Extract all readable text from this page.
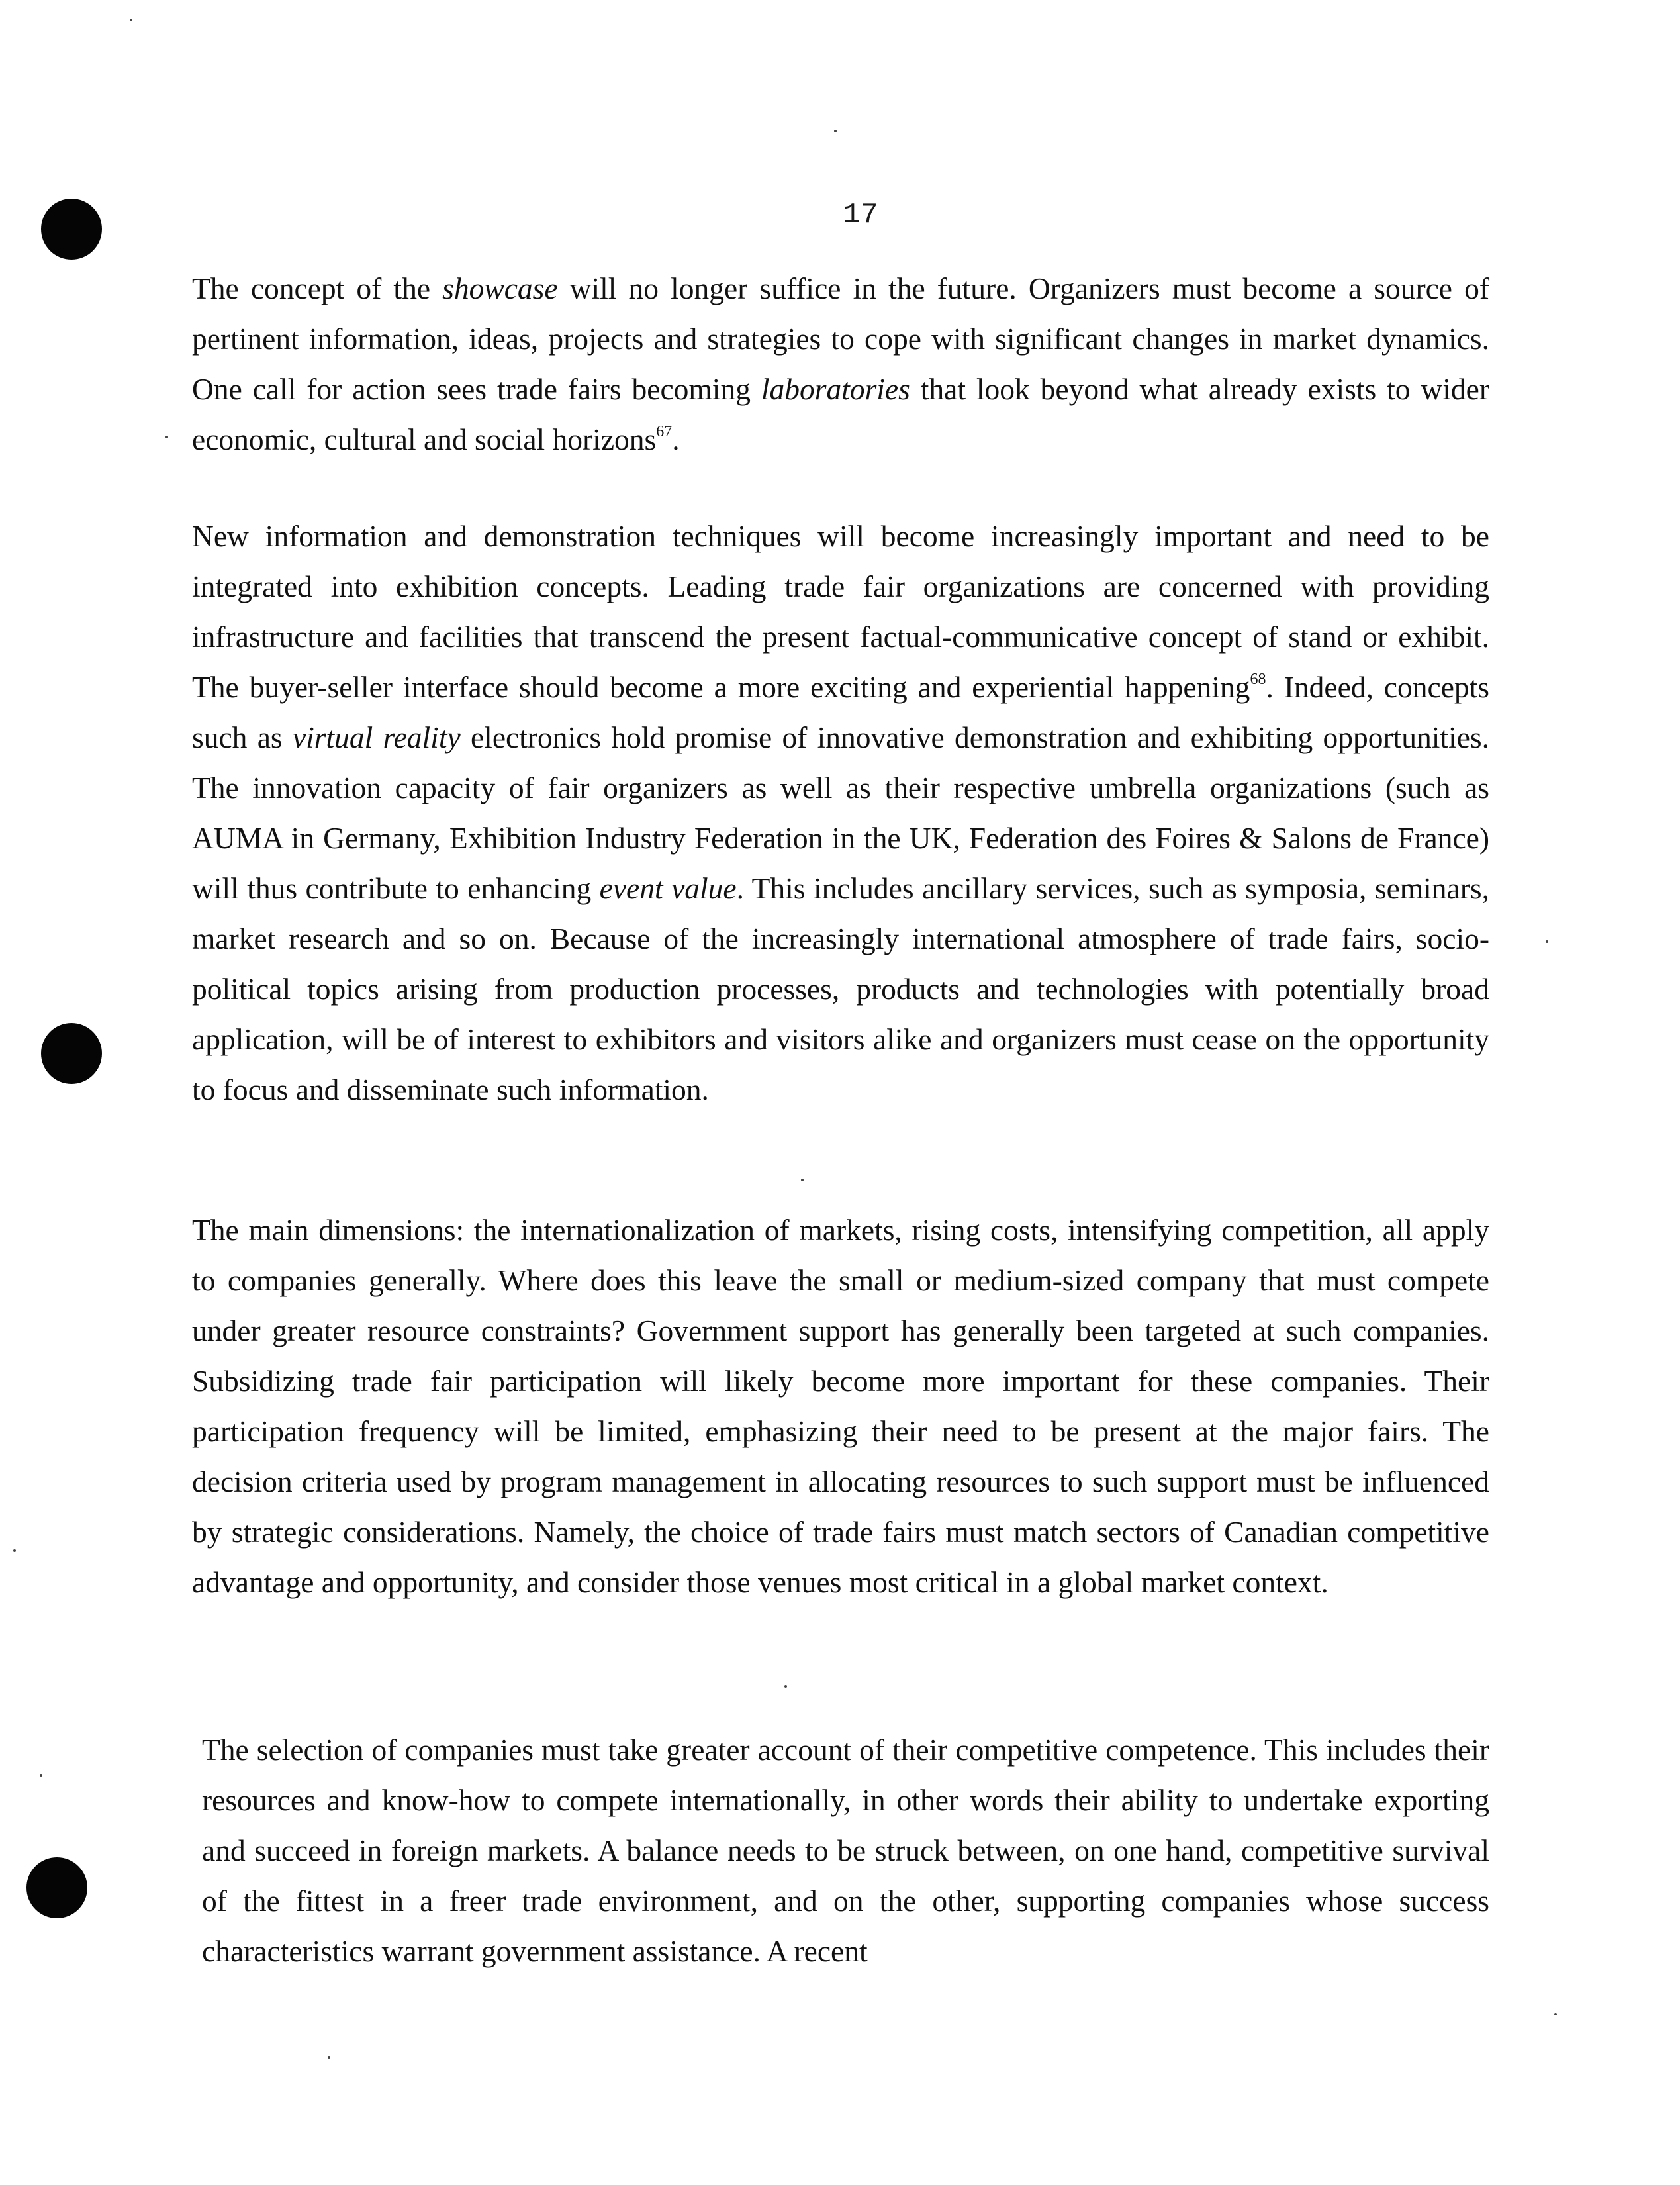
17

The concept of the showcase will no longer suffice in the future. Organizers must become a source of pertinent information, ideas, projects and strategies to cope with significant changes in market dynamics. One call for action sees trade fairs becoming laboratories that look beyond what already exists to wider economic, cultural and social horizons$^{67}$.

New information and demonstration techniques will become increasingly important and need to be integrated into exhibition concepts. Leading trade fair organizations are concerned with providing infrastructure and facilities that transcend the present factual-communicative concept of stand or exhibit. The buyer-seller interface should become a more exciting and experiential happening$^{68}$. Indeed, concepts such as virtual reality electronics hold promise of innovative demonstration and exhibiting opportunities. The innovation capacity of fair organizers as well as their respective umbrella organizations (such as AUMA in Germany, Exhibition Industry Federation in the UK, Federation des Foires & Salons de France) will thus contribute to enhancing event value. This includes ancillary services, such as symposia, seminars, market research and so on. Because of the increasingly international atmosphere of trade fairs, socio-political topics arising from production processes, products and technologies with potentially broad application, will be of interest to exhibitors and visitors alike and organizers must cease on the opportunity to focus and disseminate such information.

The main dimensions: the internationalization of markets, rising costs, intensifying competition, all apply to companies generally. Where does this leave the small or medium-sized company that must compete under greater resource constraints? Government support has generally been targeted at such companies. Subsidizing trade fair participation will likely become more important for these companies. Their participation frequency will be limited, emphasizing their need to be present at the major fairs. The decision criteria used by program management in allocating resources to such support must be influenced by strategic considerations. Namely, the choice of trade fairs must match sectors of Canadian competitive advantage and opportunity, and consider those venues most critical in a global market context.

The selection of companies must take greater account of their competitive competence. This includes their resources and know-how to compete internationally, in other words their ability to undertake exporting and succeed in foreign markets. A balance needs to be struck between, on one hand, competitive survival of the fittest in a freer trade environment, and on the other, supporting companies whose success characteristics warrant government assistance. A recent
